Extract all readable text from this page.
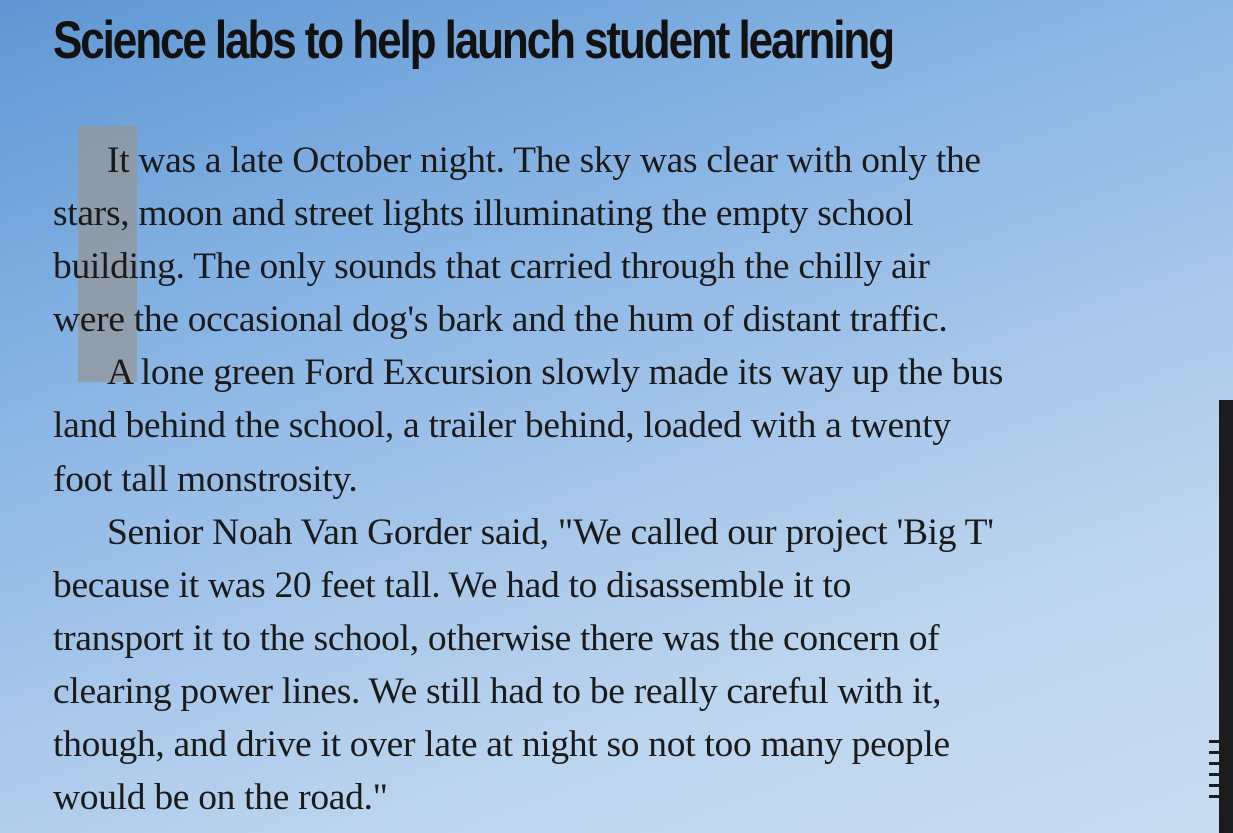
Science labs to help launch student learning
It was a late October night. The sky was clear with only the
stars, moon and street lights illuminating the empty school
building. The only sounds that carried through the chilly air
were the occasional dog's bark and the hum of distant traffic.
A lone green Ford Excursion slowly made its way up the bus
land behind the school, a trailer behind, loaded with a twenty
foot tall monstrosity.
Senior Noah Van Gorder said, "We called our project 'Big T'
because it was 20 feet tall. We had to disassemble it to
transport it to the school, otherwise there was the concern of
clearing power lines. We still had to be really careful with it,
though, and drive it over late at night so not too many people
would be on the road."
